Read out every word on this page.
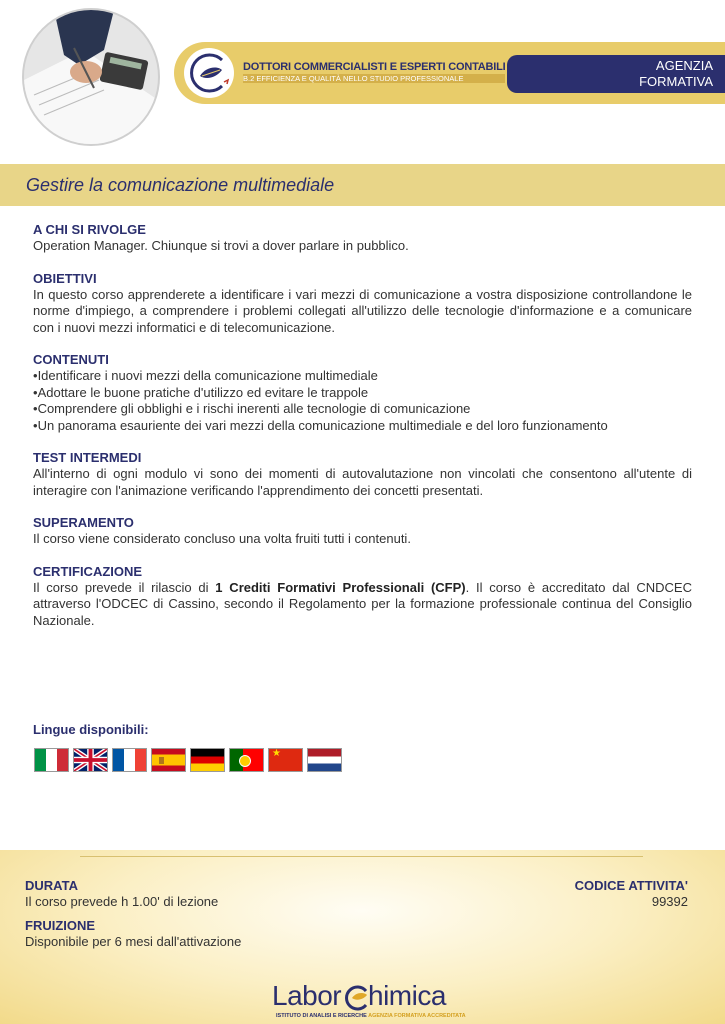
DOTTORI COMMERCIALISTI E ESPERTI CONTABILI
B.2 EFFICIENZA E QUALITÀ NELLO STUDIO PROFESSIONALE
AGENZIA
FORMATIVA
Gestire la comunicazione multimediale
A CHI SI RIVOLGE
Operation Manager. Chiunque si trovi a dover parlare in pubblico.
OBIETTIVI
In questo corso apprenderete a identificare i vari mezzi di comunicazione a vostra disposizione controllandone le norme d'impiego, a comprendere i problemi collegati all'utilizzo delle tecnologie d'informazione e a comunicare con i nuovi mezzi informatici e di telecomunicazione.
CONTENUTI
• Identificare i nuovi mezzi della comunicazione multimediale
• Adottare le buone pratiche d'utilizzo ed evitare le trappole
• Comprendere gli obblighi e i rischi inerenti alle tecnologie di comunicazione
• Un panorama esauriente dei vari mezzi della comunicazione multimediale e del loro funzionamento
TEST INTERMEDI
All'interno di ogni modulo vi sono dei momenti di autovalutazione non vincolati che consentono all'utente di interagire con l'animazione verificando l'apprendimento dei concetti presentati.
SUPERAMENTO
Il corso viene considerato concluso una volta fruiti tutti i contenuti.
CERTIFICAZIONE
Il corso prevede il rilascio di 1 Crediti Formativi Professionali (CFP). Il corso è accreditato dal CNDCEC attraverso l'ODCEC di Cassino, secondo il Regolamento per la formazione professionale continua del Consiglio Nazionale.
Lingue disponibili:
★
DURATA
Il corso prevede h 1.00' di lezione
FRUIZIONE
Disponibile per 6 mesi dall'attivazione
CODICE ATTIVITA'
99392
Labor himica
ISTITUTO DI ANALISI E RICERCHE AGENZIA FORMATIVA ACCREDITATA
